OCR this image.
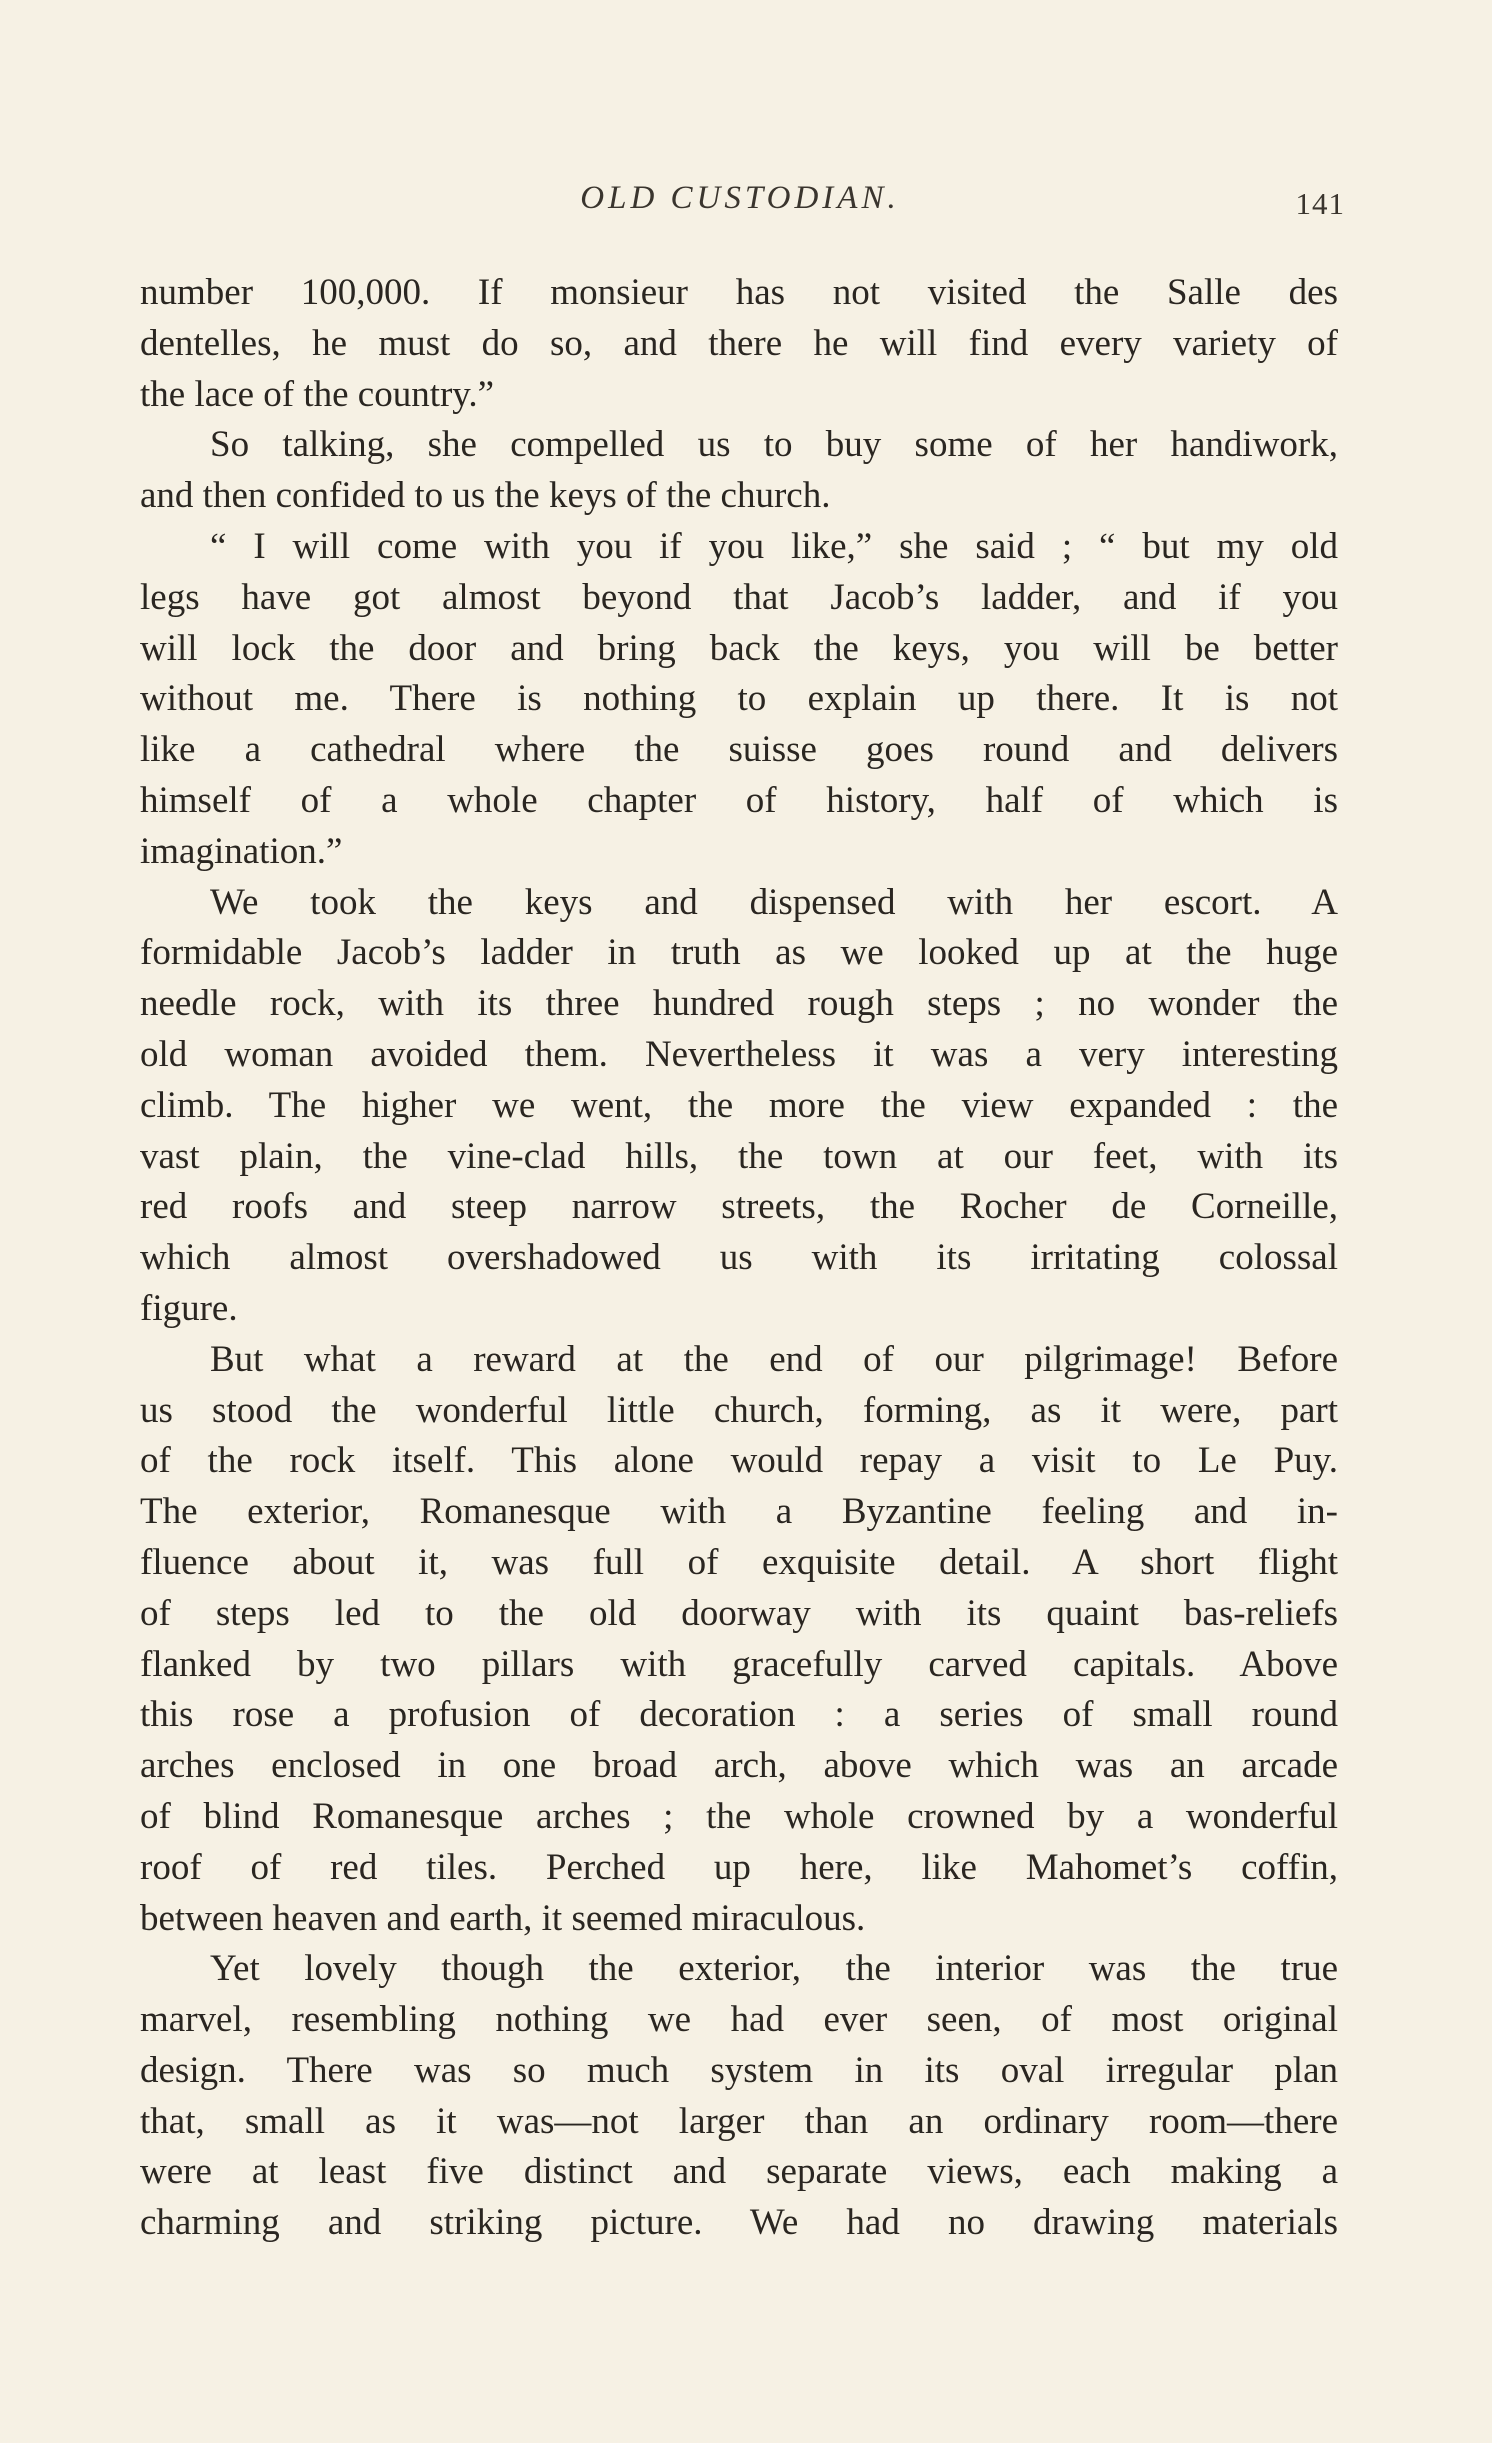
OLD CUSTODIAN.	141
number 100,000. If monsieur has not visited the Salle des
dentelles, he must do so, and there he will find every variety of
the lace of the country.”
So talking, she compelled us to buy some of her handiwork,
and then confided to us the keys of the church.
“ I will come with you if you like,” she said ; “ but my old
legs have got almost beyond that Jacob’s ladder, and if you
will lock the door and bring back the keys, you will be better
without me. There is nothing to explain up there. It is not
like a cathedral where the suisse goes round and delivers
himself of a whole chapter of history, half of which is
imagination.”
We took the keys and dispensed with her escort. A
formidable Jacob’s ladder in truth as we looked up at the huge
needle rock, with its three hundred rough steps ; no wonder the
old woman avoided them. Nevertheless it was a very interesting
climb. The higher we went, the more the view expanded : the
vast plain, the vine-clad hills, the town at our feet, with its
red roofs and steep narrow streets, the Rocher de Corneille,
which almost overshadowed us with its irritating colossal
figure.
But what a reward at the end of our pilgrimage! Before
us stood the wonderful little church, forming, as it were, part
of the rock itself. This alone would repay a visit to Le Puy.
The exterior, Romanesque with a Byzantine feeling and in-
fluence about it, was full of exquisite detail. A short flight
of steps led to the old doorway with its quaint bas-reliefs
flanked by two pillars with gracefully carved capitals. Above
this rose a profusion of decoration : a series of small round
arches enclosed in one broad arch, above which was an arcade
of blind Romanesque arches ; the whole crowned by a wonderful
roof of red tiles. Perched up here, like Mahomet’s coffin,
between heaven and earth, it seemed miraculous.
Yet lovely though the exterior, the interior was the true
marvel, resembling nothing we had ever seen, of most original
design. There was so much system in its oval irregular plan
that, small as it was—not larger than an ordinary room—there
were at least five distinct and separate views, each making a
charming and striking picture. We had no drawing materials
